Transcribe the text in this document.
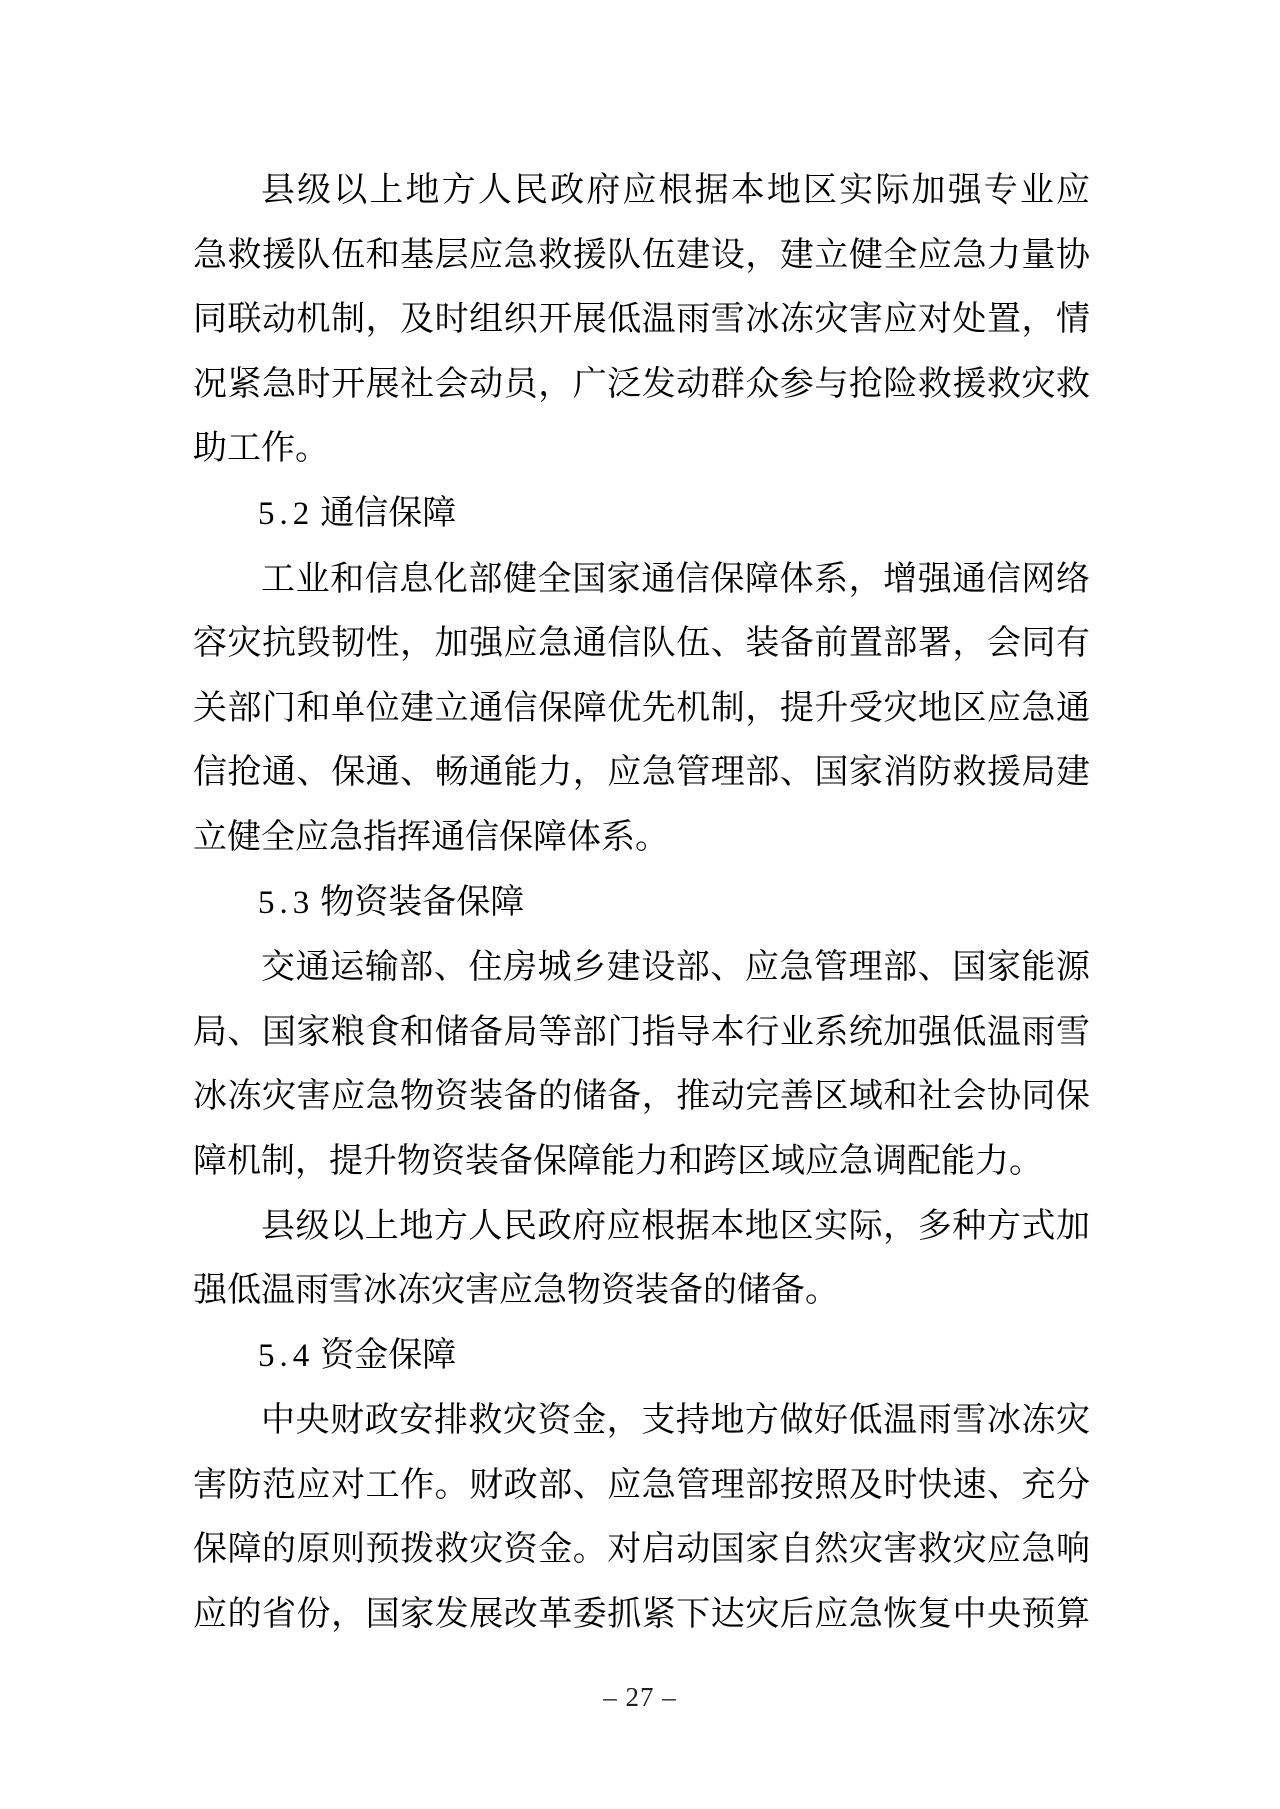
县级以上地方人民政府应根据本地区实际加强专业应
急救援队伍和基层应急救援队伍建设，建立健全应急力量协
同联动机制，及时组织开展低温雨雪冰冻灾害应对处置，情
况紧急时开展社会动员，广泛发动群众参与抢险救援救灾救
助工作。
5.2 通信保障
工业和信息化部健全国家通信保障体系，增强通信网络
容灾抗毁韧性，加强应急通信队伍、装备前置部署，会同有
关部门和单位建立通信保障优先机制，提升受灾地区应急通
信抢通、保通、畅通能力，应急管理部、国家消防救援局建
立健全应急指挥通信保障体系。
5.3 物资装备保障
交通运输部、住房城乡建设部、应急管理部、国家能源
局、国家粮食和储备局等部门指导本行业系统加强低温雨雪
冰冻灾害应急物资装备的储备，推动完善区域和社会协同保
障机制，提升物资装备保障能力和跨区域应急调配能力。
县级以上地方人民政府应根据本地区实际，多种方式加
强低温雨雪冰冻灾害应急物资装备的储备。
5.4 资金保障
中央财政安排救灾资金，支持地方做好低温雨雪冰冻灾
害防范应对工作。财政部、应急管理部按照及时快速、充分
保障的原则预拨救灾资金。对启动国家自然灾害救灾应急响
应的省份，国家发展改革委抓紧下达灾后应急恢复中央预算
– 27 –
